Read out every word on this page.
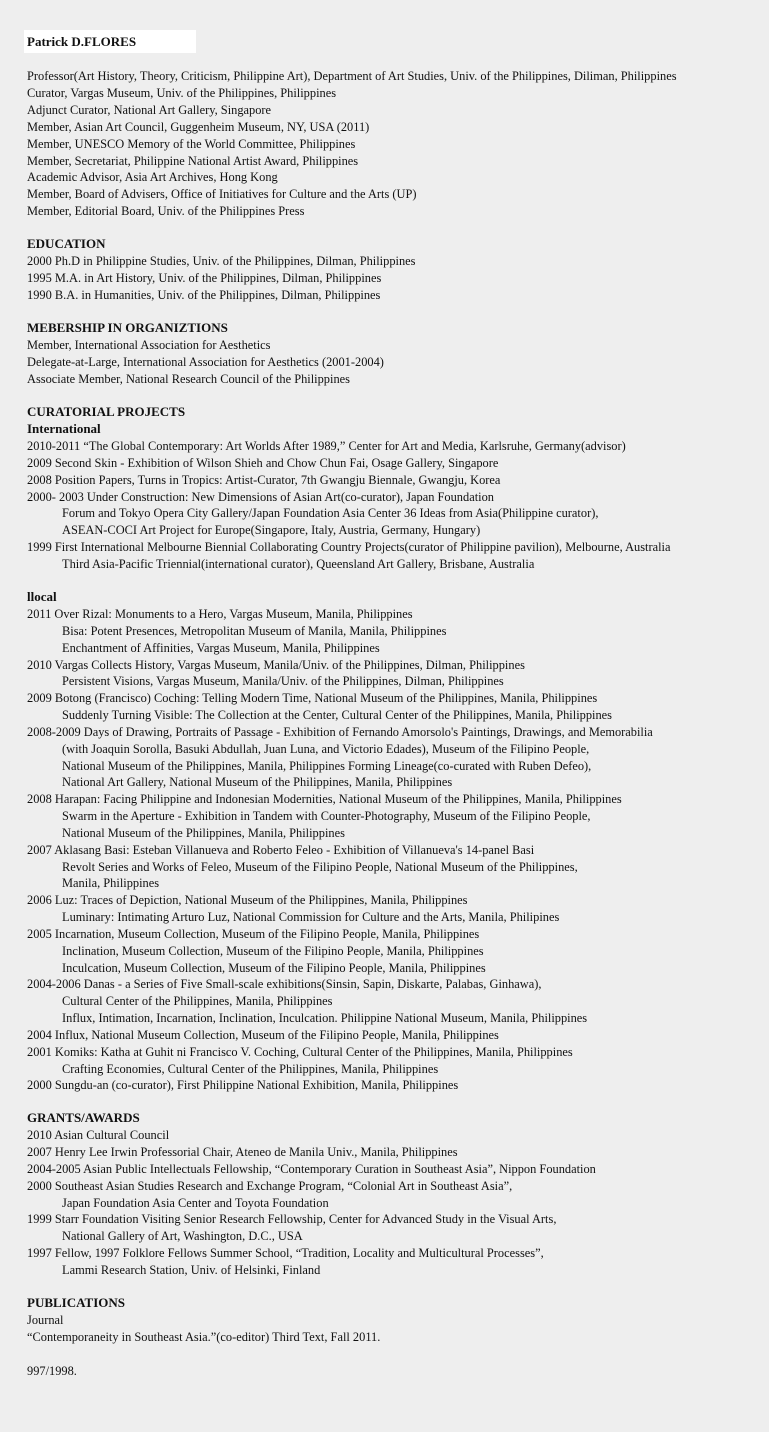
Patrick D.FLORES
Professor(Art History, Theory, Criticism, Philippine Art), Department of Art Studies, Univ. of the Philippines, Diliman, Philippines
Curator, Vargas Museum, Univ. of the Philippines, Philippines
Adjunct Curator, National Art Gallery, Singapore
Member, Asian Art Council, Guggenheim Museum, NY, USA (2011)
Member, UNESCO Memory of the World Committee, Philippines
Member, Secretariat, Philippine National Artist Award, Philippines
Academic Advisor, Asia Art Archives, Hong Kong
Member, Board of Advisers, Office of Initiatives for Culture and the Arts (UP)
Member, Editorial Board, Univ. of the Philippines Press
EDUCATION
2000 Ph.D in Philippine Studies, Univ. of the Philippines, Dilman, Philippines
1995 M.A. in Art History, Univ. of the Philippines, Dilman, Philippines
1990 B.A. in Humanities, Univ. of the Philippines, Dilman, Philippines
MEBERSHIP IN ORGANIZTIONS
Member, International Association for Aesthetics
Delegate-at-Large, International Association for Aesthetics (2001-2004)
Associate Member, National Research Council of the Philippines
CURATORIAL PROJECTS
International
2010-2011 “The Global Contemporary: Art Worlds After 1989,” Center for Art and Media, Karlsruhe, Germany(advisor)
2009 Second Skin - Exhibition of Wilson Shieh and Chow Chun Fai, Osage Gallery, Singapore
2008 Position Papers, Turns in Tropics: Artist-Curator, 7th Gwangju Biennale, Gwangju, Korea
2000- 2003 Under Construction: New Dimensions of Asian Art(co-curator), Japan Foundation
Forum and Tokyo Opera City Gallery/Japan Foundation Asia Center 36 Ideas from Asia(Philippine curator),
ASEAN-COCI Art Project for Europe(Singapore, Italy, Austria, Germany, Hungary)
1999 First International Melbourne Biennial Collaborating Country Projects(curator of Philippine pavilion), Melbourne, Australia
Third Asia-Pacific Triennial(international curator), Queensland Art Gallery, Brisbane, Australia
llocal
2011 Over Rizal: Monuments to a Hero, Vargas Museum, Manila, Philippines
Bisa: Potent Presences, Metropolitan Museum of Manila, Manila, Philippines
Enchantment of Affinities, Vargas Museum, Manila, Philippines
2010 Vargas Collects History, Vargas Museum, Manila/Univ. of the Philippines, Dilman, Philippines
Persistent Visions, Vargas Museum, Manila/Univ. of the Philippines, Dilman, Philippines
2009 Botong (Francisco) Coching: Telling Modern Time, National Museum of the Philippines, Manila, Philippines
Suddenly Turning Visible: The Collection at the Center, Cultural Center of the Philippines, Manila, Philippines
2008-2009 Days of Drawing, Portraits of Passage - Exhibition of Fernando Amorsolo's Paintings, Drawings, and Memorabilia
(with Joaquin Sorolla, Basuki Abdullah, Juan Luna, and Victorio Edades), Museum of the Filipino People,
National Museum of the Philippines, Manila, Philippines Forming Lineage(co-curated with Ruben Defeo),
National Art Gallery, National Museum of the Philippines, Manila, Philippines
2008 Harapan: Facing Philippine and Indonesian Modernities, National Museum of the Philippines, Manila, Philippines
Swarm in the Aperture - Exhibition in Tandem with Counter-Photography, Museum of the Filipino People,
National Museum of the Philippines, Manila, Philippines
2007 Aklasang Basi: Esteban Villanueva and Roberto Feleo - Exhibition of Villanueva's 14-panel Basi
Revolt Series and Works of Feleo, Museum of the Filipino People, National Museum of the Philippines,
Manila, Philippines
2006 Luz: Traces of Depiction, National Museum of the Philippines, Manila, Philippines
Luminary: Intimating Arturo Luz, National Commission for Culture and the Arts, Manila, Philipines
2005 Incarnation, Museum Collection, Museum of the Filipino People, Manila, Philippines
Inclination, Museum Collection, Museum of the Filipino People, Manila, Philippines
Inculcation, Museum Collection, Museum of the Filipino People, Manila, Philippines
2004-2006 Danas - a Series of Five Small-scale exhibitions(Sinsin, Sapin, Diskarte, Palabas, Ginhawa),
Cultural Center of the Philippines, Manila, Philippines
Influx, Intimation, Incarnation, Inclination, Inculcation. Philippine National Museum, Manila, Philippines
2004 Influx, National Museum Collection, Museum of the Filipino People, Manila, Philippines
2001 Komiks: Katha at Guhit ni Francisco V. Coching, Cultural Center of the Philippines, Manila, Philippines
Crafting Economies, Cultural Center of the Philippines, Manila, Philippines
2000 Sungdu-an (co-curator), First Philippine National Exhibition, Manila, Philippines
GRANTS/AWARDS
2010 Asian Cultural Council
2007 Henry Lee Irwin Professorial Chair, Ateneo de Manila Univ., Manila, Philippines
2004-2005 Asian Public Intellectuals Fellowship, “Contemporary Curation in Southeast Asia”, Nippon Foundation
2000 Southeast Asian Studies Research and Exchange Program, “Colonial Art in Southeast Asia”,
Japan Foundation Asia Center and Toyota Foundation
1999 Starr Foundation Visiting Senior Research Fellowship, Center for Advanced Study in the Visual Arts,
National Gallery of Art, Washington, D.C., USA
1997 Fellow, 1997 Folklore Fellows Summer School, “Tradition, Locality and Multicultural Processes”,
Lammi Research Station, Univ. of Helsinki, Finland
PUBLICATIONS
Journal
“Contemporaneity in Southeast Asia.”(co-editor) Third Text, Fall 2011.
997/1998.
